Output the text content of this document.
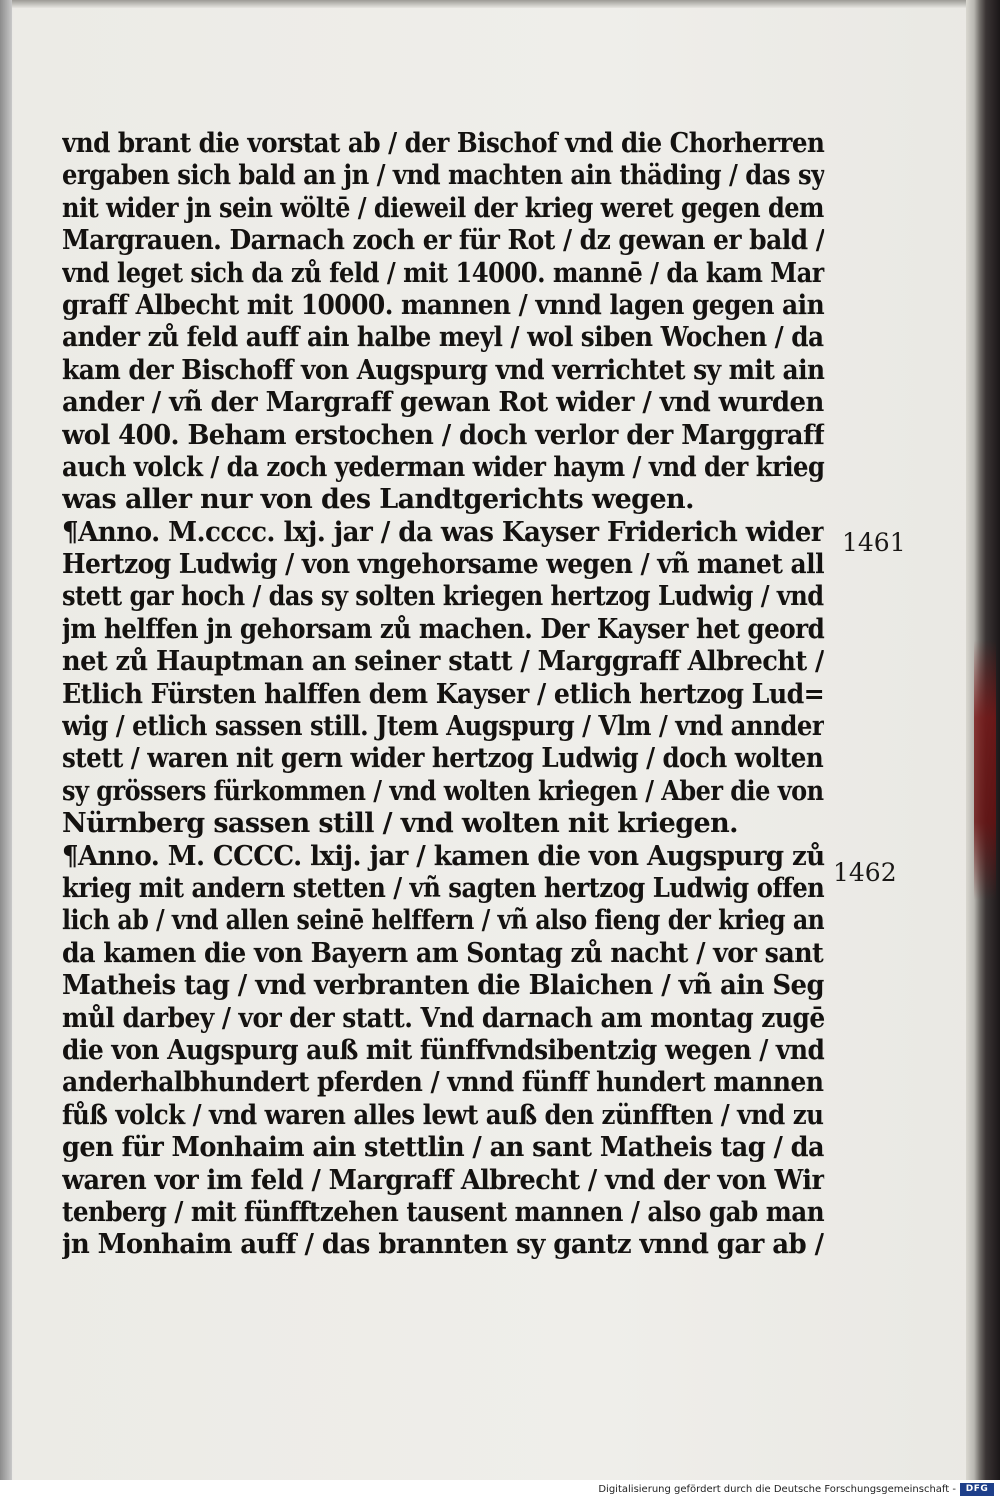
vnd brant die vorstat ab / der Bischof vnd die Chorherren
ergaben sich bald an jn / vnd machten ain thäding / das sy
nit wider jn sein wöltē / dieweil der krieg weret gegen dem
Margrauen. Darnach zoch er für Rot / dz gewan er bald /
vnd leget sich da zů feld / mit 14000. mannē / da kam Mar
graff Albecht mit 10000. mannen / vnnd lagen gegen ain
ander zů feld auff ain halbe meyl / wol siben Wochen / da
kam der Bischoff von Augspurg vnd verrichtet sy mit ain
ander / vñ der Margraff gewan Rot wider / vnd wurden
wol 400. Beham erstochen / doch verlor der Marggraff
auch volck / da zoch yederman wider haym / vnd der krieg
was aller nur von des Landtgerichts wegen.
¶Anno. M.cccc. lxj. jar / da was Kayser Friderich wider
Hertzog Ludwig / von vngehorsame wegen / vñ manet all
stett gar hoch / das sy solten kriegen hertzog Ludwig / vnd
jm helffen jn gehorsam zů machen. Der Kayser het geord
net zů Hauptman an seiner statt / Marggraff Albrecht /
Etlich Fürsten halffen dem Kayser / etlich hertzog Lud=
wig / etlich sassen still. Jtem Augspurg / Vlm / vnd annder
stett / waren nit gern wider hertzog Ludwig / doch wolten
sy grössers fürkommen / vnd wolten kriegen / Aber die von
Nürnberg sassen still / vnd wolten nit kriegen.
¶Anno. M. CCCC. lxij. jar / kamen die von Augspurg zů
krieg mit andern stetten / vñ sagten hertzog Ludwig offen
lich ab / vnd allen seinē helffern / vñ also fieng der krieg an
da kamen die von Bayern am Sontag zů nacht / vor sant
Matheis tag / vnd verbranten die Blaichen / vñ ain Seg
můl darbey / vor der statt. Vnd darnach am montag zugē
die von Augspurg auß mit fünffvndsibentzig wegen / vnd
anderhalbhundert pferden / vnnd fünff hundert mannen
fůß volck / vnd waren alles lewt auß den zünfften / vnd zu
gen für Monhaim ain stettlin / an sant Matheis tag / da
waren vor im feld / Margraff Albrecht / vnd der von Wir
tenberg / mit fünfftzehen tausent mannen / also gab man
jn Monhaim auff / das brannten sy gantz vnnd gar ab /
1461
1462
Digitalisierung gefördert durch die Deutsche Forschungsgemeinschaft -	DFG
